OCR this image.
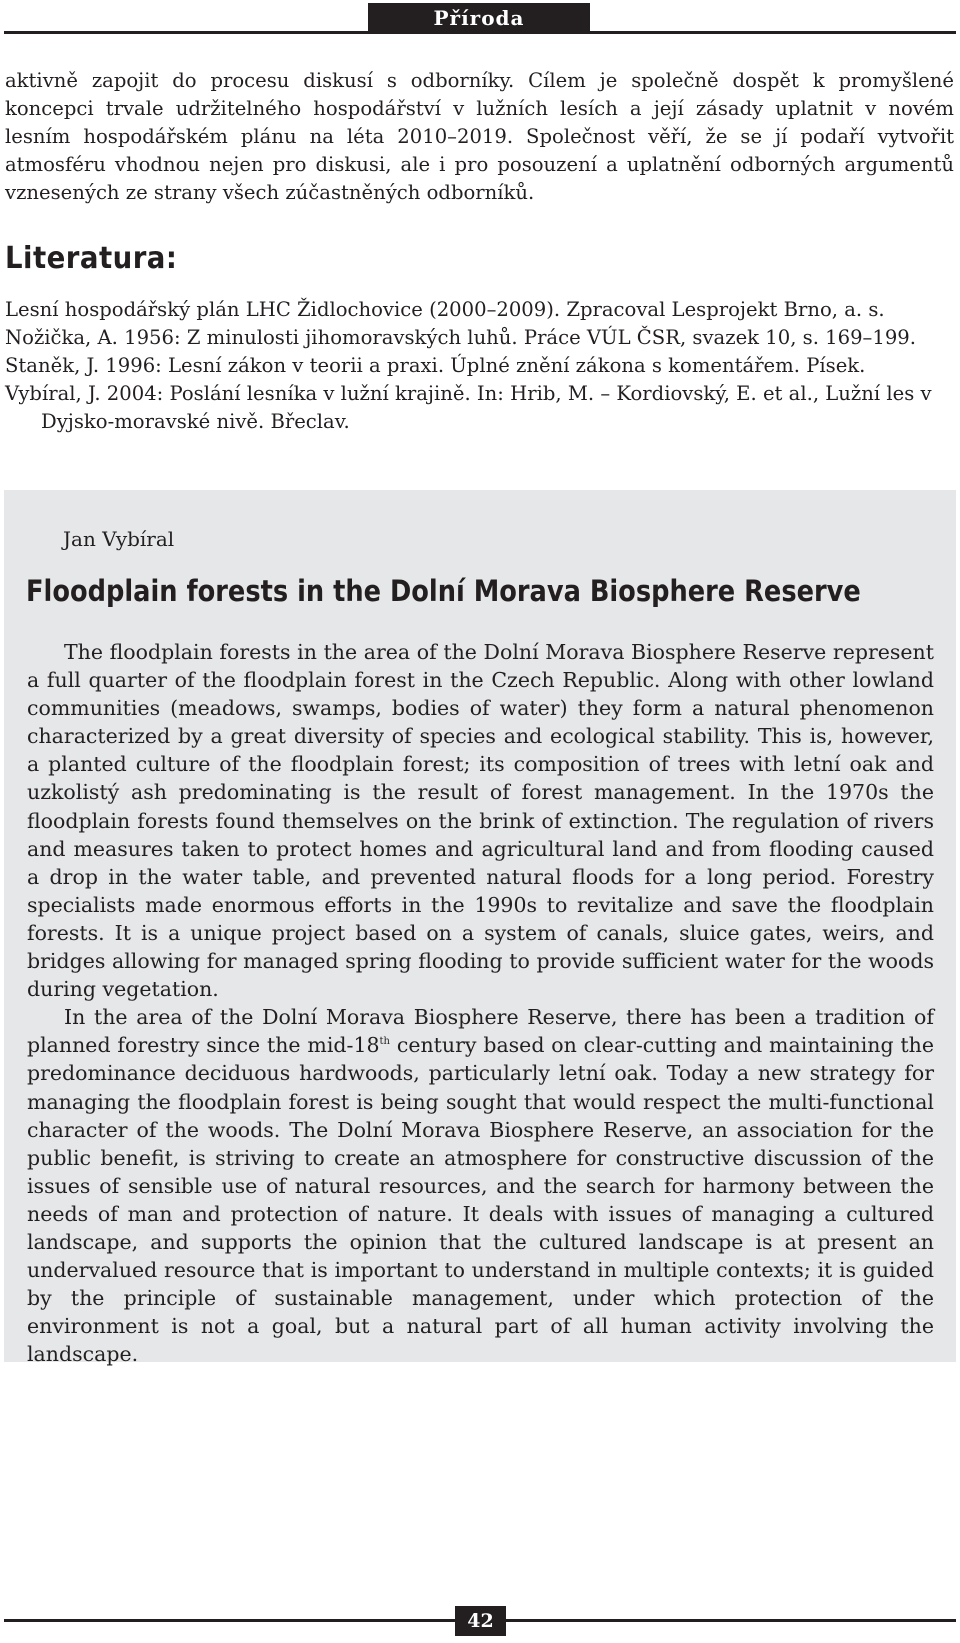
Příroda

aktivně zapojit do procesu diskusí s odborníky. Cílem je společně dospět k promyšlené koncepci trvale udržitelného hospodářství v lužních lesích a její zásady uplatnit v novém lesním hospodářském plánu na léta 2010–2019. Společnost věří, že se jí podaří vytvořit atmosféru vhodnou nejen pro diskusi, ale i pro posouzení a uplatnění odborných argumentů vznesených ze strany všech zúčastněných odborníků.

Literatura:
Lesní hospodářský plán LHC Židlochovice (2000–2009). Zpracoval Lesprojekt Brno, a. s.
Nožička, A. 1956: Z minulosti jihomoravských luhů. Práce VÚL ČSR, svazek 10, s. 169–199.
Staněk, J. 1996: Lesní zákon v teorii a praxi. Úplné znění zákona s komentářem. Písek.
Vybíral, J. 2004: Poslání lesníka v lužní krajině. In: Hrib, M. – Kordiovský, E. et al., Lužní les v Dyjsko-moravské nivě. Břeclav.

Jan Vybíral

Floodplain forests in the Dolní Morava Biosphere Reserve

The floodplain forests in the area of the Dolní Morava Biosphere Reserve represent a full quarter of the floodplain forest in the Czech Republic. Along with other lowland communities (meadows, swamps, bodies of water) they form a natural phenomenon characterized by a great diversity of species and ecological stability. This is, however, a planted culture of the floodplain forest; its composition of trees with letní oak and uzkolistý ash predominating is the result of forest management. In the 1970s the floodplain forests found themselves on the brink of extinction. The regulation of rivers and measures taken to protect homes and agricultural land and from flooding caused a drop in the water table, and prevented natural floods for a long period. Forestry specialists made enormous efforts in the 1990s to revitalize and save the floodplain forests. It is a unique project based on a system of canals, sluice gates, weirs, and bridges allowing for managed spring flooding to provide sufficient water for the woods during vegetation.

In the area of the Dolní Morava Biosphere Reserve, there has been a tradition of planned forestry since the mid-18th century based on clear-cutting and maintaining the predominance deciduous hardwoods, particularly letní oak. Today a new strategy for managing the floodplain forest is being sought that would respect the multi-functional character of the woods. The Dolní Morava Biosphere Reserve, an association for the public benefit, is striving to create an atmosphere for constructive discussion of the issues of sensible use of natural resources, and the search for harmony between the needs of man and protection of nature. It deals with issues of managing a cultured landscape, and supports the opinion that the cultured landscape is at present an undervalued resource that is important to understand in multiple contexts; it is guided by the principle of sustainable management, under which protection of the environment is not a goal, but a natural part of all human activity involving the landscape.

42
